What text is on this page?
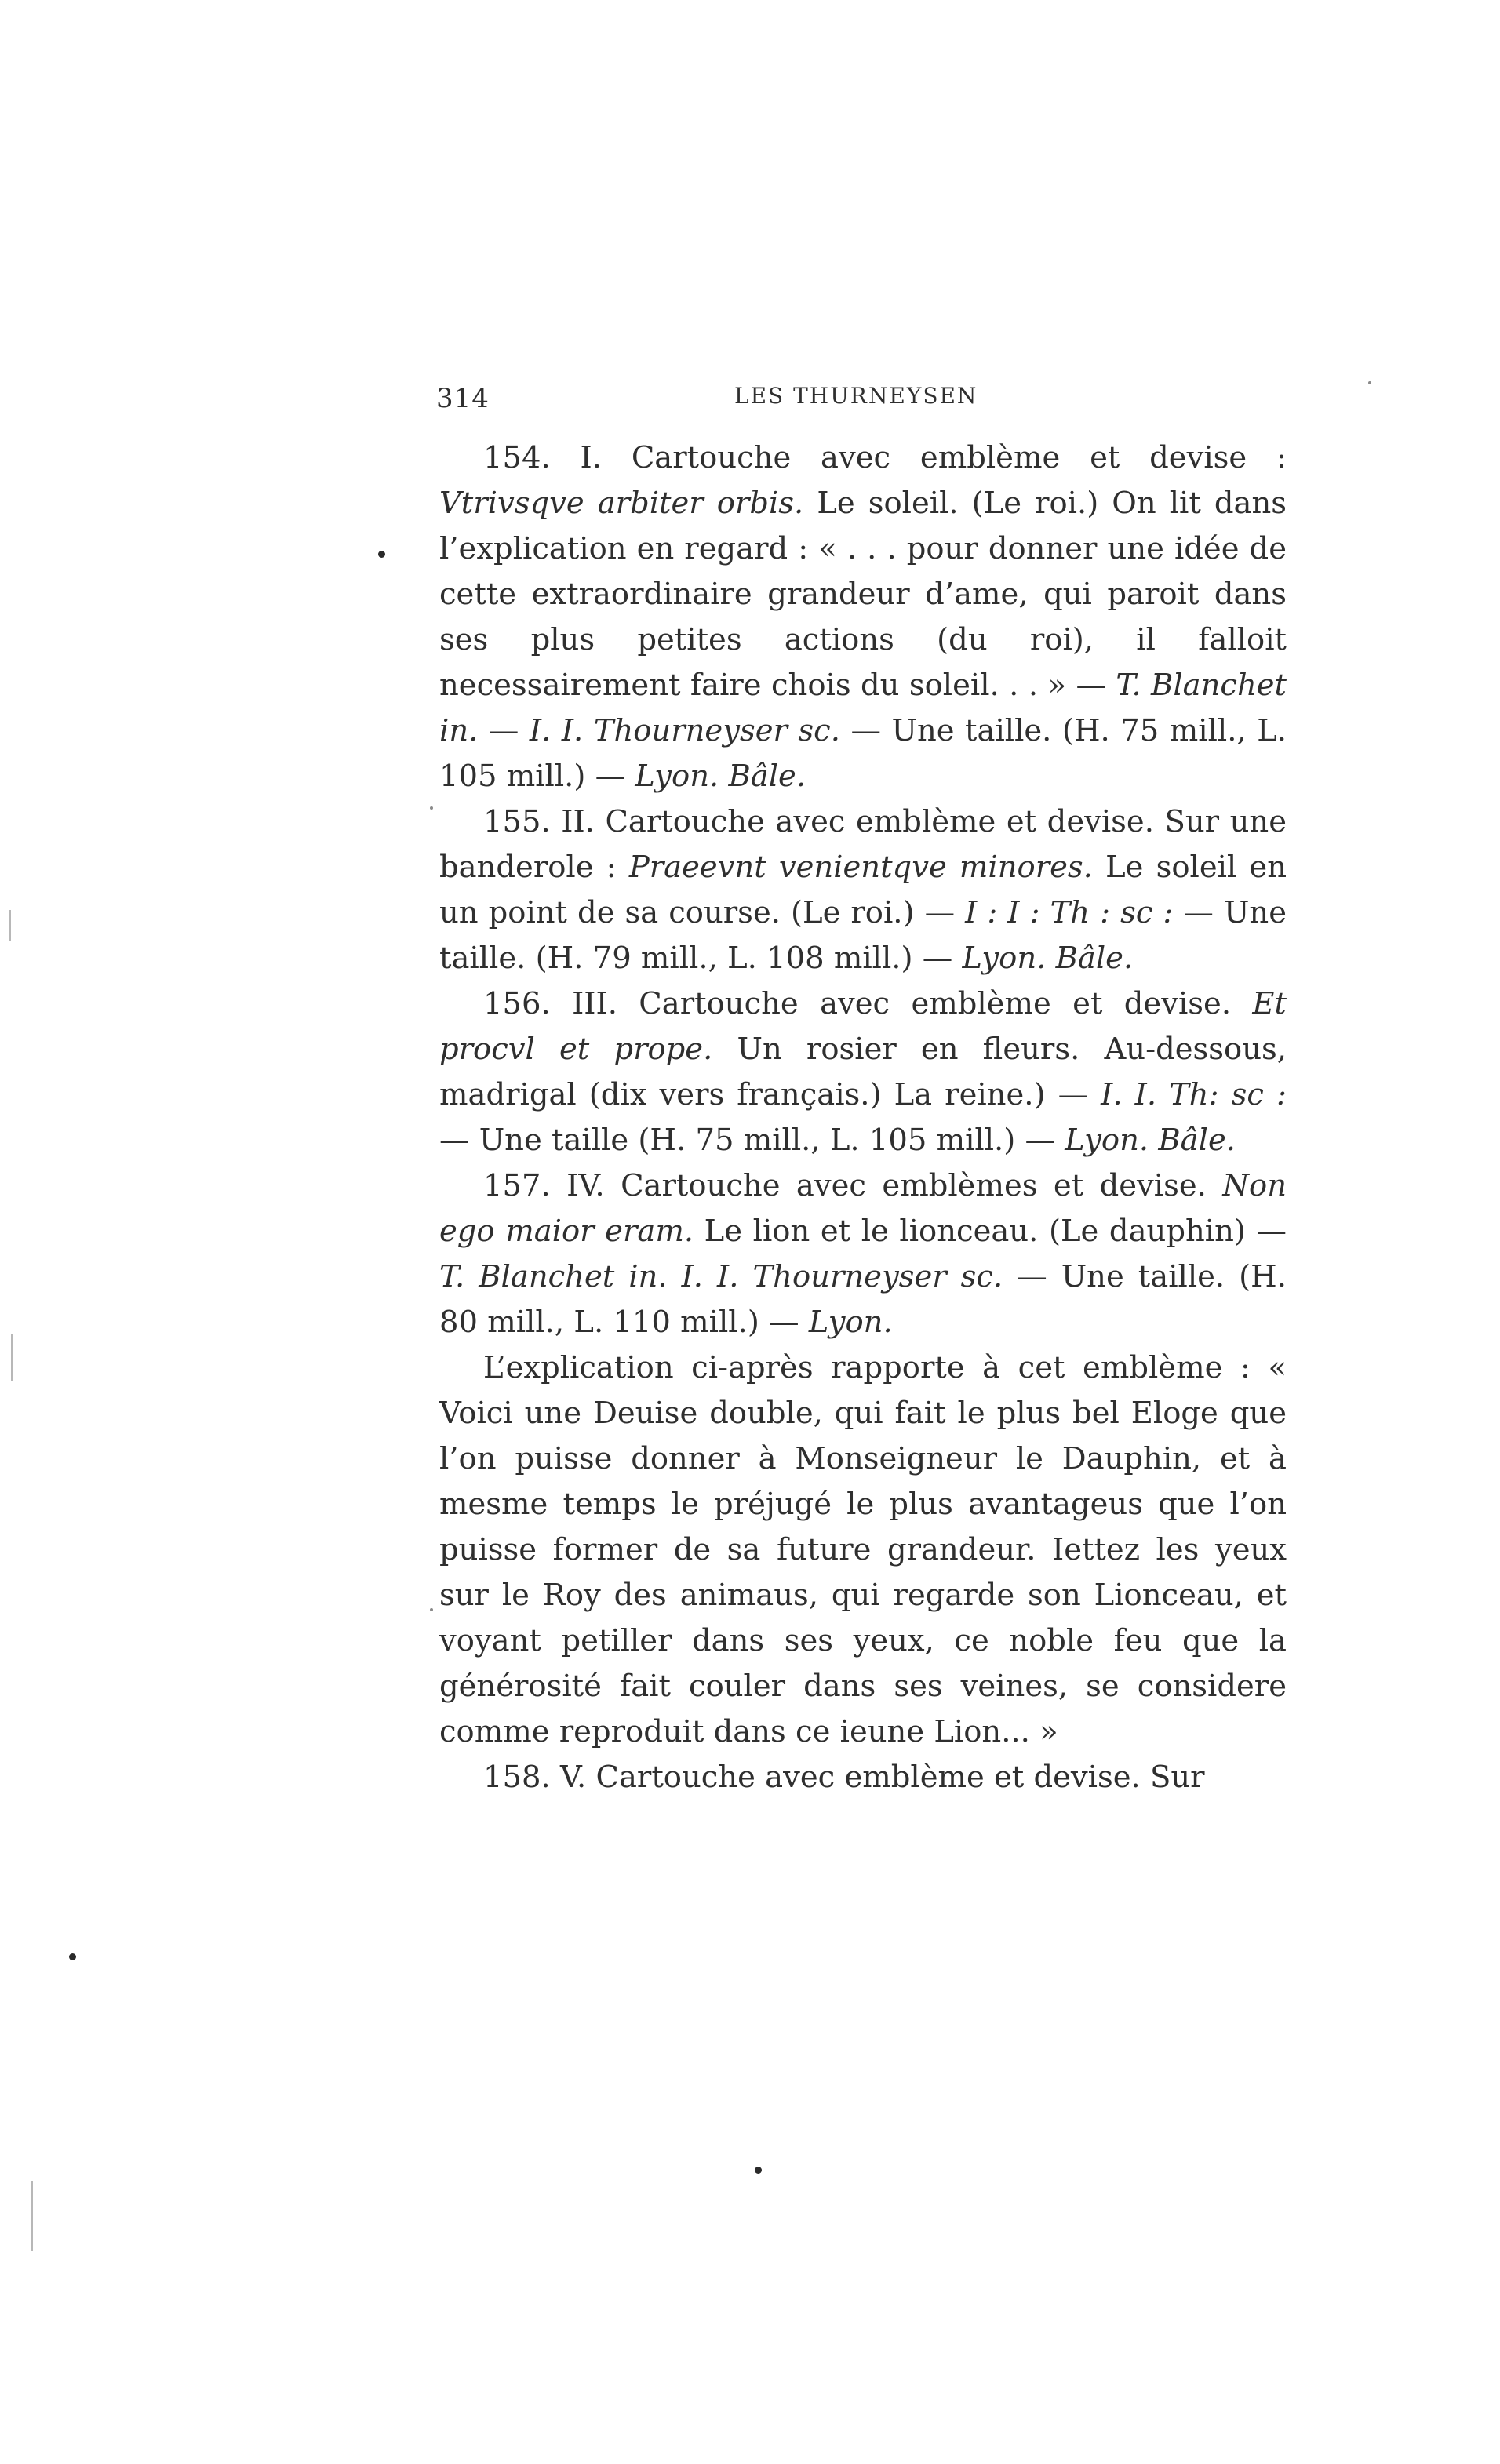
314	LES THURNEYSEN

154. I. Cartouche avec emblème et devise : Vtrivsqve arbiter orbis. Le soleil. (Le roi.) On lit dans l’explication en regard : « . . . pour donner une idée de cette extraordinaire grandeur d’ame, qui paroit dans ses plus petites actions (du roi), il falloit necessairement faire chois du soleil. . . » — T. Blanchet in. — I. I. Thourneyser sc. — Une taille. (H. 75 mill., L. 105 mill.) — Lyon. Bâle.

155. II. Cartouche avec emblème et devise. Sur une banderole : Praeevnt venientqve minores. Le soleil en un point de sa course. (Le roi.) — I : I : Th : sc : — Une taille. (H. 79 mill., L. 108 mill.) — Lyon. Bâle.

156. III. Cartouche avec emblème et devise. Et procvl et prope. Un rosier en fleurs. Au-dessous, madrigal (dix vers français.) La reine.) — I. I. Th: sc : — Une taille (H. 75 mill., L. 105 mill.) — Lyon. Bâle.

157. IV. Cartouche avec emblèmes et devise. Non ego maior eram. Le lion et le lionceau. (Le dauphin) — T. Blanchet in. I. I. Thourneyser sc. — Une taille. (H. 80 mill., L. 110 mill.) — Lyon.

L’explication ci-après rapporte à cet emblème : « Voici une Deuise double, qui fait le plus bel Eloge que l’on puisse donner à Monseigneur le Dauphin, et à mesme temps le préjugé le plus avantageus que l’on puisse former de sa future grandeur. Iettez les yeux sur le Roy des animaus, qui regarde son Lionceau, et voyant petiller dans ses yeux, ce noble feu que la générosité fait couler dans ses veines, se considere comme reproduit dans ce ieune Lion... »

158. V. Cartouche avec emblème et devise. Sur
